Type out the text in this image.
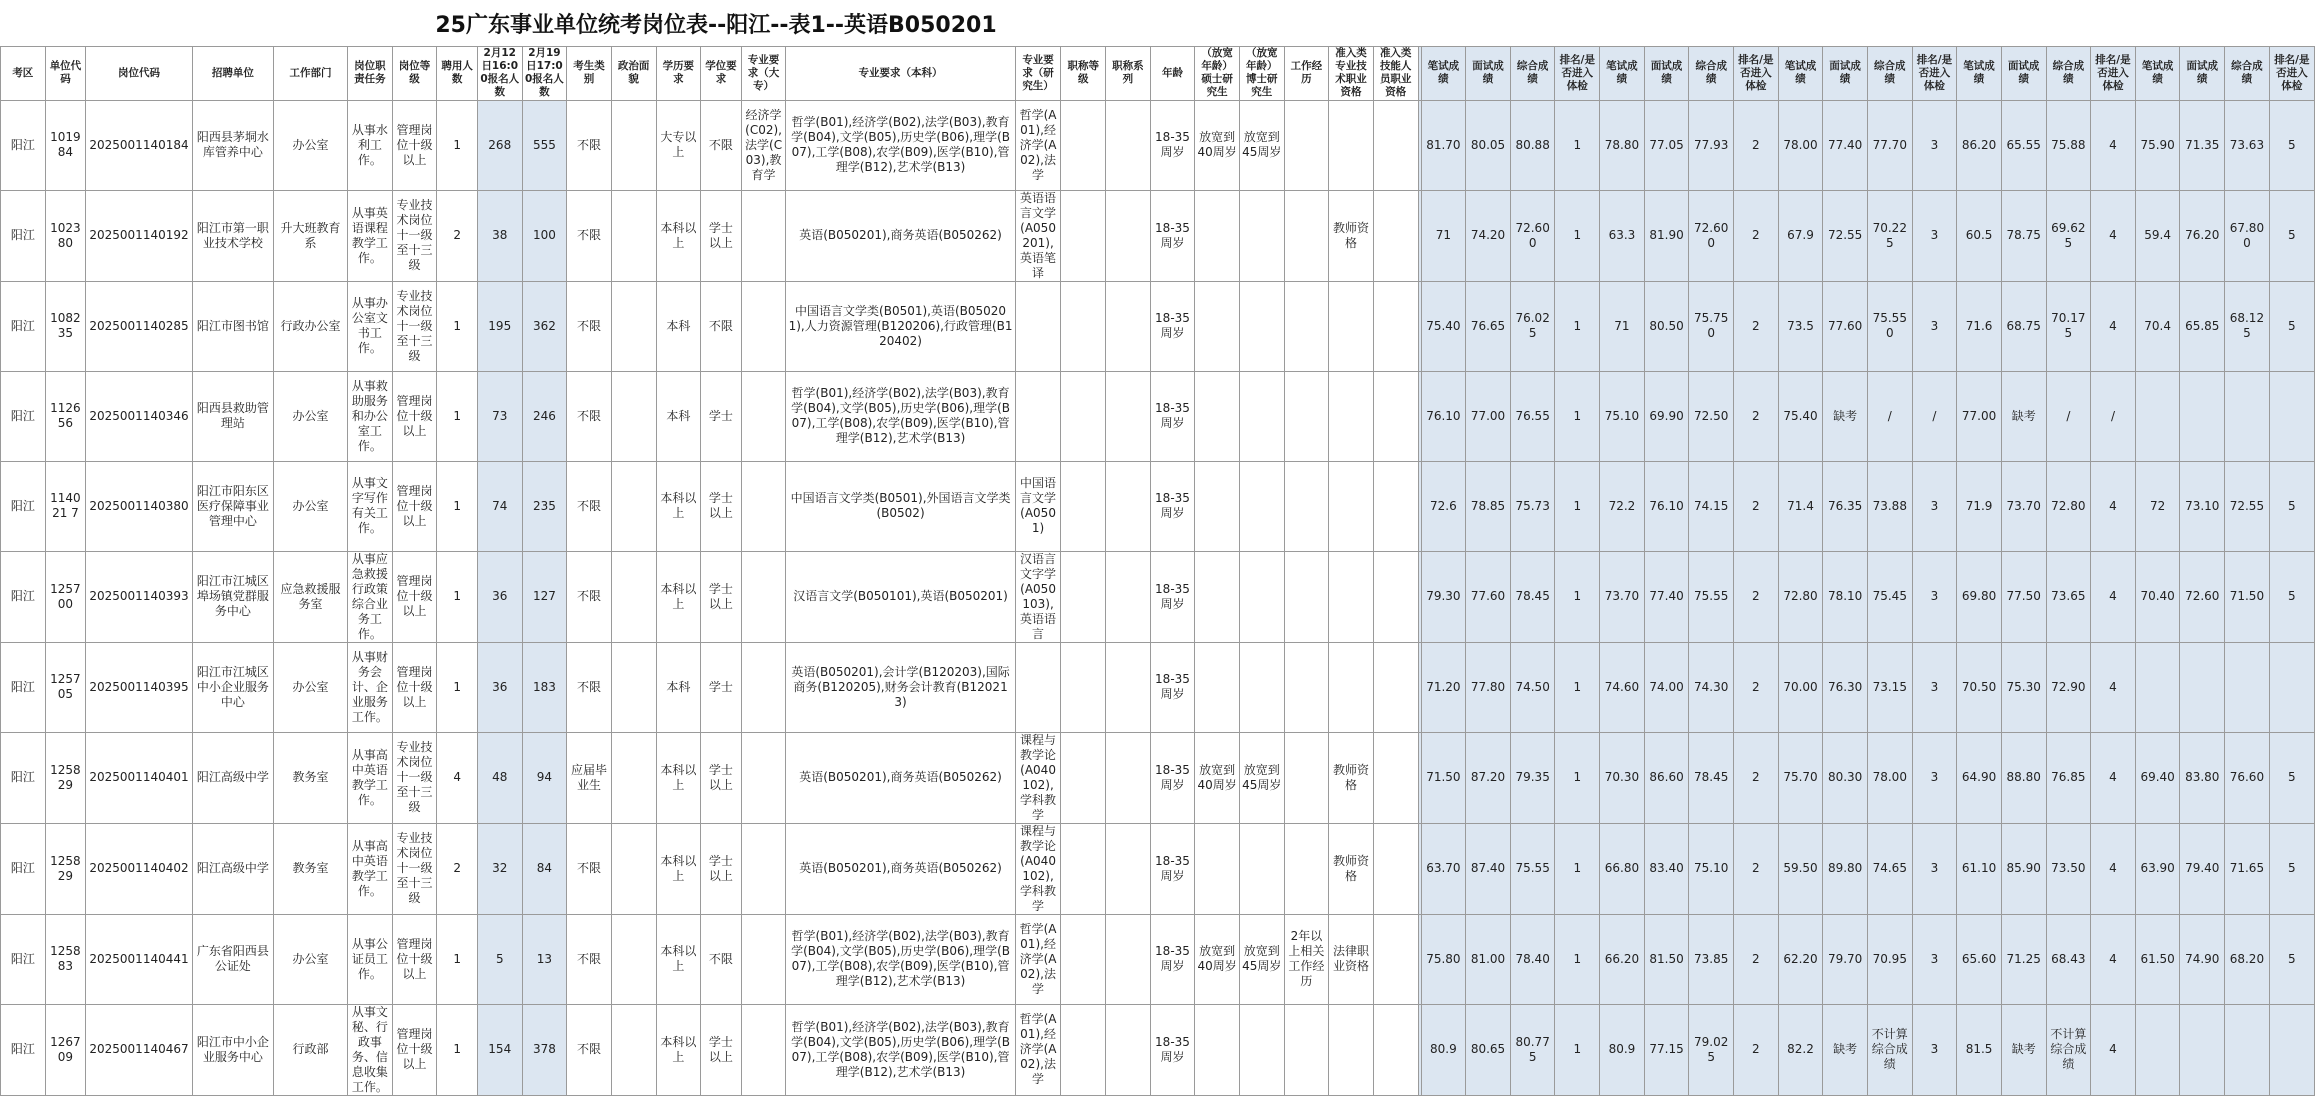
25广东事业单位统考岗位表--阳江--表1--英语B050201
考区	单位代码	岗位代码	招聘单位	工作部门	岗位职责任务	岗位等级	聘用人数	2月12日16:00报名人数	2月19日17:00报名人数	考生类别	政治面貌	学历要求	学位要求	专业要求（大专）	专业要求（本科）	专业要求（研究生）	职称等级	职称系列	年龄	（放宽年龄）硕士研究生	（放宽年龄）博士研究生	工作经历	准入类专业技术职业资格	准入类技能人员职业资格		笔试成绩	面试成绩	综合成绩	排名/是否进入体检	笔试成绩	面试成绩	综合成绩	排名/是否进入体检	笔试成绩	面试成绩	综合成绩	排名/是否进入体检	笔试成绩	面试成绩	综合成绩	排名/是否进入体检	笔试成绩	面试成绩	综合成绩	排名/是否进入体检
阳江	101984	2025001140184	阳西县茅垌水库管养中心	办公室	从事水利工作。	管理岗位十级以上	1	268	555	不限		大专以上	不限	经济学(C02),法学(C03),教育学	哲学(B01),经济学(B02),法学(B03),教育学(B04),文学(B05),历史学(B06),理学(B07),工学(B08),农学(B09),医学(B10),管理学(B12),艺术学(B13)	哲学(A01),经济学(A02),法学			18-35周岁	放宽到40周岁	放宽到45周岁					81.70	80.05	80.88	1	78.80	77.05	77.93	2	78.00	77.40	77.70	3	86.20	65.55	75.88	4	75.90	71.35	73.63	5
阳江	102380	2025001140192	阳江市第一职业技术学校	升大班教育系	从事英语课程教学工作。	专业技术岗位十一级至十三级	2	38	100	不限		本科以上	学士以上		英语(B050201),商务英语(B050262)	英语语言文学(A050201),英语笔译			18-35周岁				教师资格			71	74.20	72.600	1	63.3	81.90	72.600	2	67.9	72.55	70.225	3	60.5	78.75	69.625	4	59.4	76.20	67.800	5
阳江	108235	2025001140285	阳江市图书馆	行政办公室	从事办公室文书工作。	专业技术岗位十一级至十三级	1	195	362	不限		本科	不限		中国语言文学类(B0501),英语(B050201),人力资源管理(B120206),行政管理(B120402)				18-35周岁							75.40	76.65	76.025	1	71	80.50	75.750	2	73.5	77.60	75.550	3	71.6	68.75	70.175	4	70.4	65.85	68.125	5
阳江	112656	2025001140346	阳西县救助管理站	办公室	从事救助服务和办公室工作。	管理岗位十级以上	1	73	246	不限		本科	学士		哲学(B01),经济学(B02),法学(B03),教育学(B04),文学(B05),历史学(B06),理学(B07),工学(B08),农学(B09),医学(B10),管理学(B12),艺术学(B13)				18-35周岁							76.10	77.00	76.55	1	75.10	69.90	72.50	2	75.40	缺考	/	/	77.00	缺考	/	/				
阳江	114021 7	2025001140380	阳江市阳东区医疗保障事业管理中心	办公室	从事文字写作有关工作。	管理岗位十级以上	1	74	235	不限		本科以上	学士以上		中国语言文学类(B0501),外国语言文学类(B0502)	中国语言文学(A0501)			18-35周岁							72.6	78.85	75.73	1	72.2	76.10	74.15	2	71.4	76.35	73.88	3	71.9	73.70	72.80	4	72	73.10	72.55	5
阳江	125700	2025001140393	阳江市江城区埠场镇党群服务中心	应急救援服务室	从事应急救援行政策综合业务工作。	管理岗位十级以上	1	36	127	不限		本科以上	学士以上		汉语言文学(B050101),英语(B050201)	汉语言文字学(A050103),英语语言			18-35周岁							79.30	77.60	78.45	1	73.70	77.40	75.55	2	72.80	78.10	75.45	3	69.80	77.50	73.65	4	70.40	72.60	71.50	5
阳江	125705	2025001140395	阳江市江城区中小企业服务中心	办公室	从事财务会计、企业服务工作。	管理岗位十级以上	1	36	183	不限		本科	学士		英语(B050201),会计学(B120203),国际商务(B120205),财务会计教育(B120213)				18-35周岁							71.20	77.80	74.50	1	74.60	74.00	74.30	2	70.00	76.30	73.15	3	70.50	75.30	72.90	4				
阳江	125829	2025001140401	阳江高级中学	教务室	从事高中英语教学工作。	专业技术岗位十一级至十三级	4	48	94	应届毕业生		本科以上	学士以上		英语(B050201),商务英语(B050262)	课程与教学论(A040102),学科教学			18-35周岁	放宽到40周岁	放宽到45周岁		教师资格			71.50	87.20	79.35	1	70.30	86.60	78.45	2	75.70	80.30	78.00	3	64.90	88.80	76.85	4	69.40	83.80	76.60	5
阳江	125829	2025001140402	阳江高级中学	教务室	从事高中英语教学工作。	专业技术岗位十一级至十三级	2	32	84	不限		本科以上	学士以上		英语(B050201),商务英语(B050262)	课程与教学论(A040102),学科教学			18-35周岁				教师资格			63.70	87.40	75.55	1	66.80	83.40	75.10	2	59.50	89.80	74.65	3	61.10	85.90	73.50	4	63.90	79.40	71.65	5
阳江	125883	2025001140441	广东省阳西县公证处	办公室	从事公证员工作。	管理岗位十级以上	1	5	13	不限		本科以上	不限		哲学(B01),经济学(B02),法学(B03),教育学(B04),文学(B05),历史学(B06),理学(B07),工学(B08),农学(B09),医学(B10),管理学(B12),艺术学(B13)	哲学(A01),经济学(A02),法学			18-35周岁	放宽到40周岁	放宽到45周岁	2年以上相关工作经历	法律职业资格			75.80	81.00	78.40	1	66.20	81.50	73.85	2	62.20	79.70	70.95	3	65.60	71.25	68.43	4	61.50	74.90	68.20	5
阳江	126709	2025001140467	阳江市中小企业服务中心	行政部	从事文秘、行政事务、信息收集工作。	管理岗位十级以上	1	154	378	不限		本科以上	学士以上		哲学(B01),经济学(B02),法学(B03),教育学(B04),文学(B05),历史学(B06),理学(B07),工学(B08),农学(B09),医学(B10),管理学(B12),艺术学(B13)	哲学(A01),经济学(A02),法学			18-35周岁							80.9	80.65	80.775	1	80.9	77.15	79.025	2	82.2	缺考	不计算综合成绩	3	81.5	缺考	不计算综合成绩	4				
